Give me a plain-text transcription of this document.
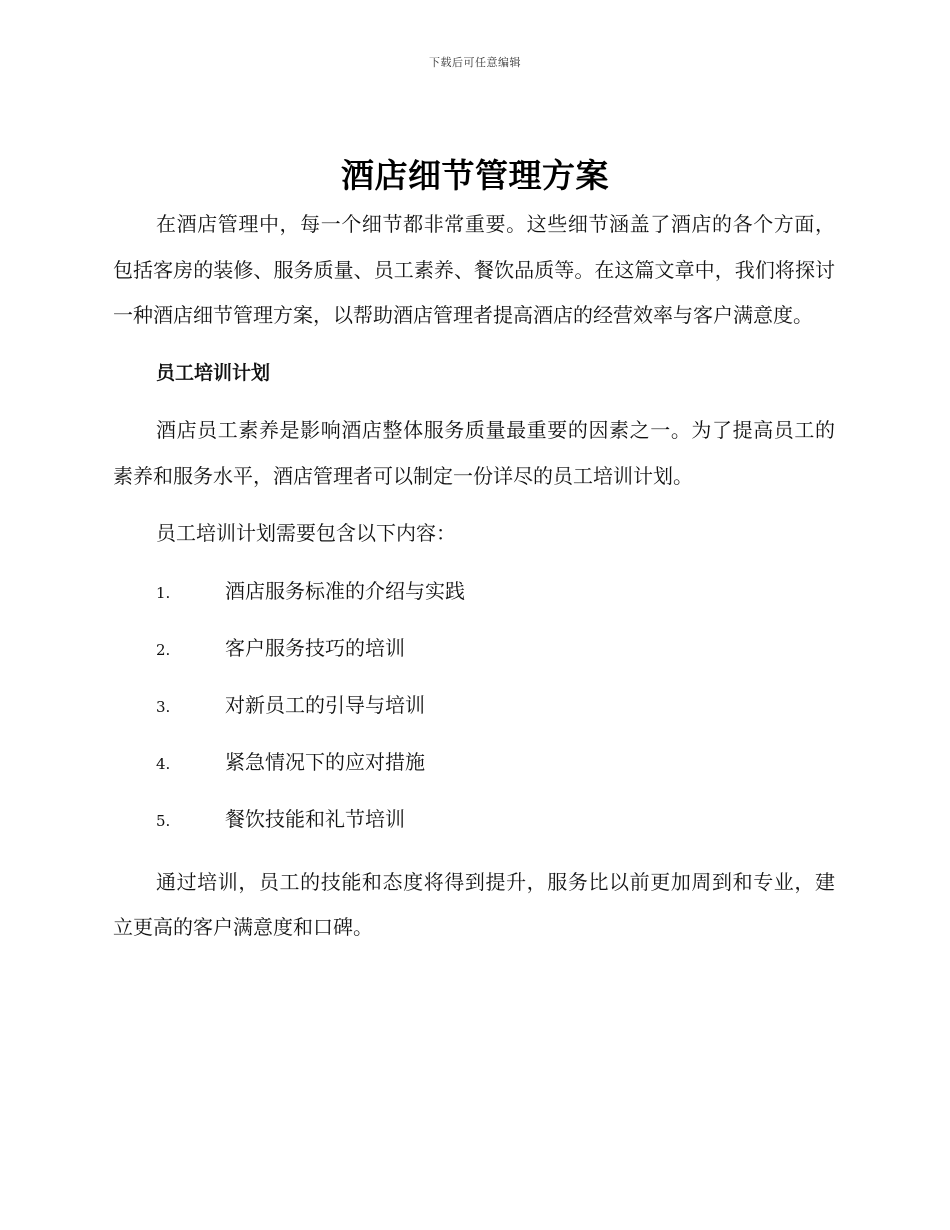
下载后可任意编辑
酒店细节管理方案

在酒店管理中，每一个细节都非常重要。这些细节涵盖了酒店的各个方面，包括客房的装修、服务质量、员工素养、餐饮品质等。在这篇文章中，我们将探讨一种酒店细节管理方案，以帮助酒店管理者提高酒店的经营效率与客户满意度。

员工培训计划

酒店员工素养是影响酒店整体服务质量最重要的因素之一。为了提高员工的素养和服务水平，酒店管理者可以制定一份详尽的员工培训计划。

员工培训计划需要包含以下内容：

1.	酒店服务标准的介绍与实践
2.	客户服务技巧的培训
3.	对新员工的引导与培训
4.	紧急情况下的应对措施
5.	餐饮技能和礼节培训

通过培训，员工的技能和态度将得到提升，服务比以前更加周到和专业，建立更高的客户满意度和口碑。
